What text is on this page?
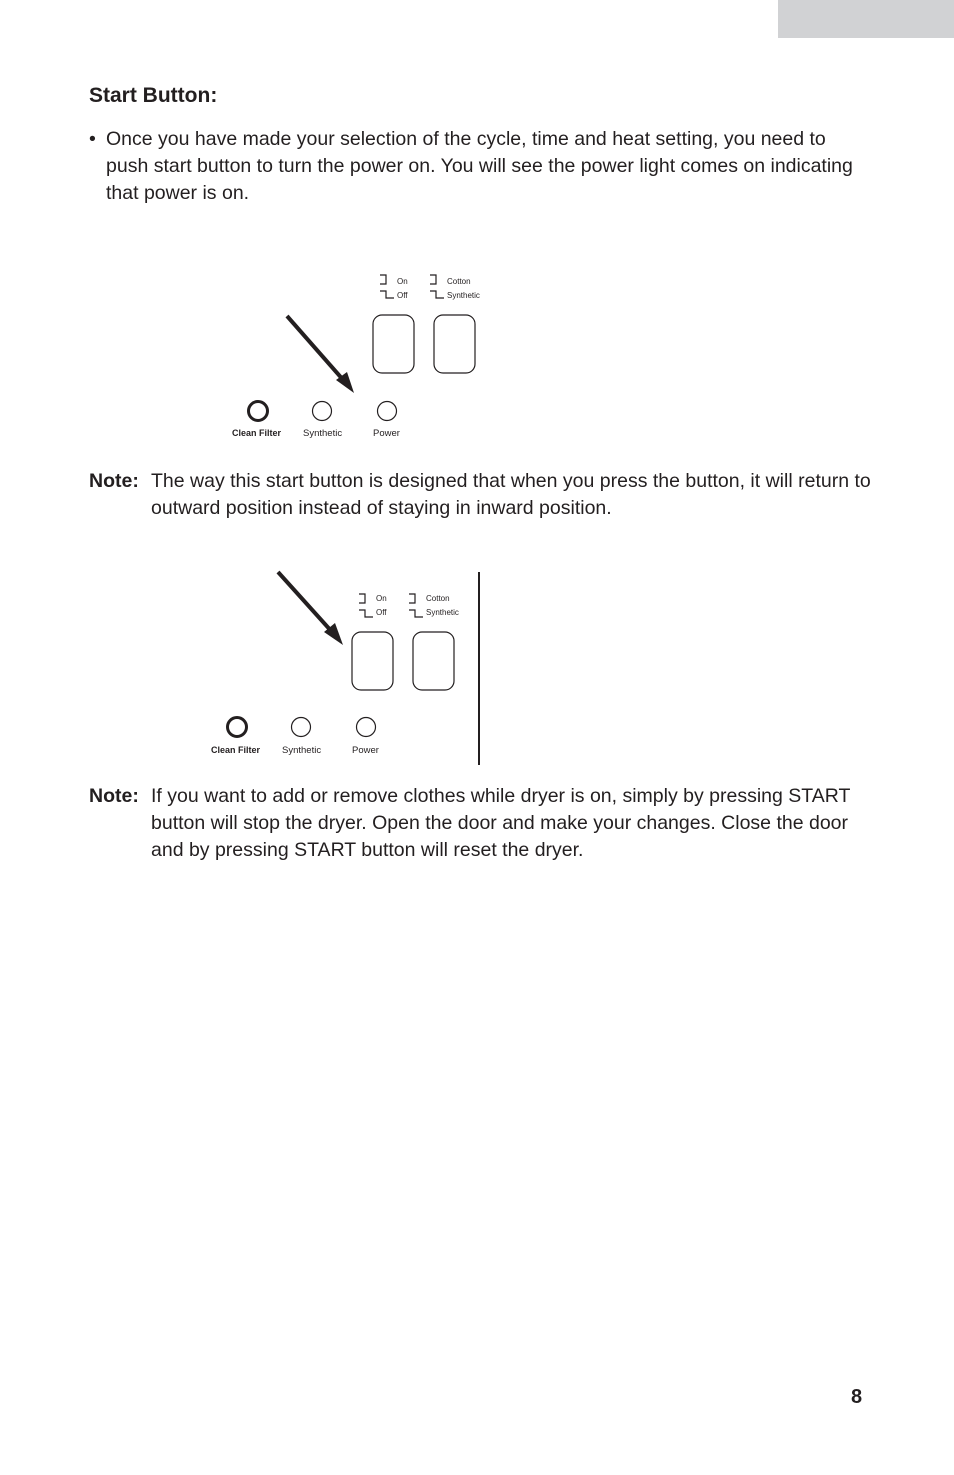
Start Button:
• Once you have made your selection of the cycle, time and heat setting, you need to push start button to turn the power on. You will see the power light comes on indicating that power is on.
On
Off
Cotton
Synthetic
Clean Filter Synthetic	Power
Note: The way this start button is designed that when you press the button, it will return to outward position instead of staying in inward position.
On
Off
Cotton
Synthetic
Clean Filter Synthetic	Power
Note: If you want to add or remove clothes while dryer is on, simply by pressing START button will stop the dryer. Open the door and make your changes. Close the door and by pressing START button will reset the dryer.
8
